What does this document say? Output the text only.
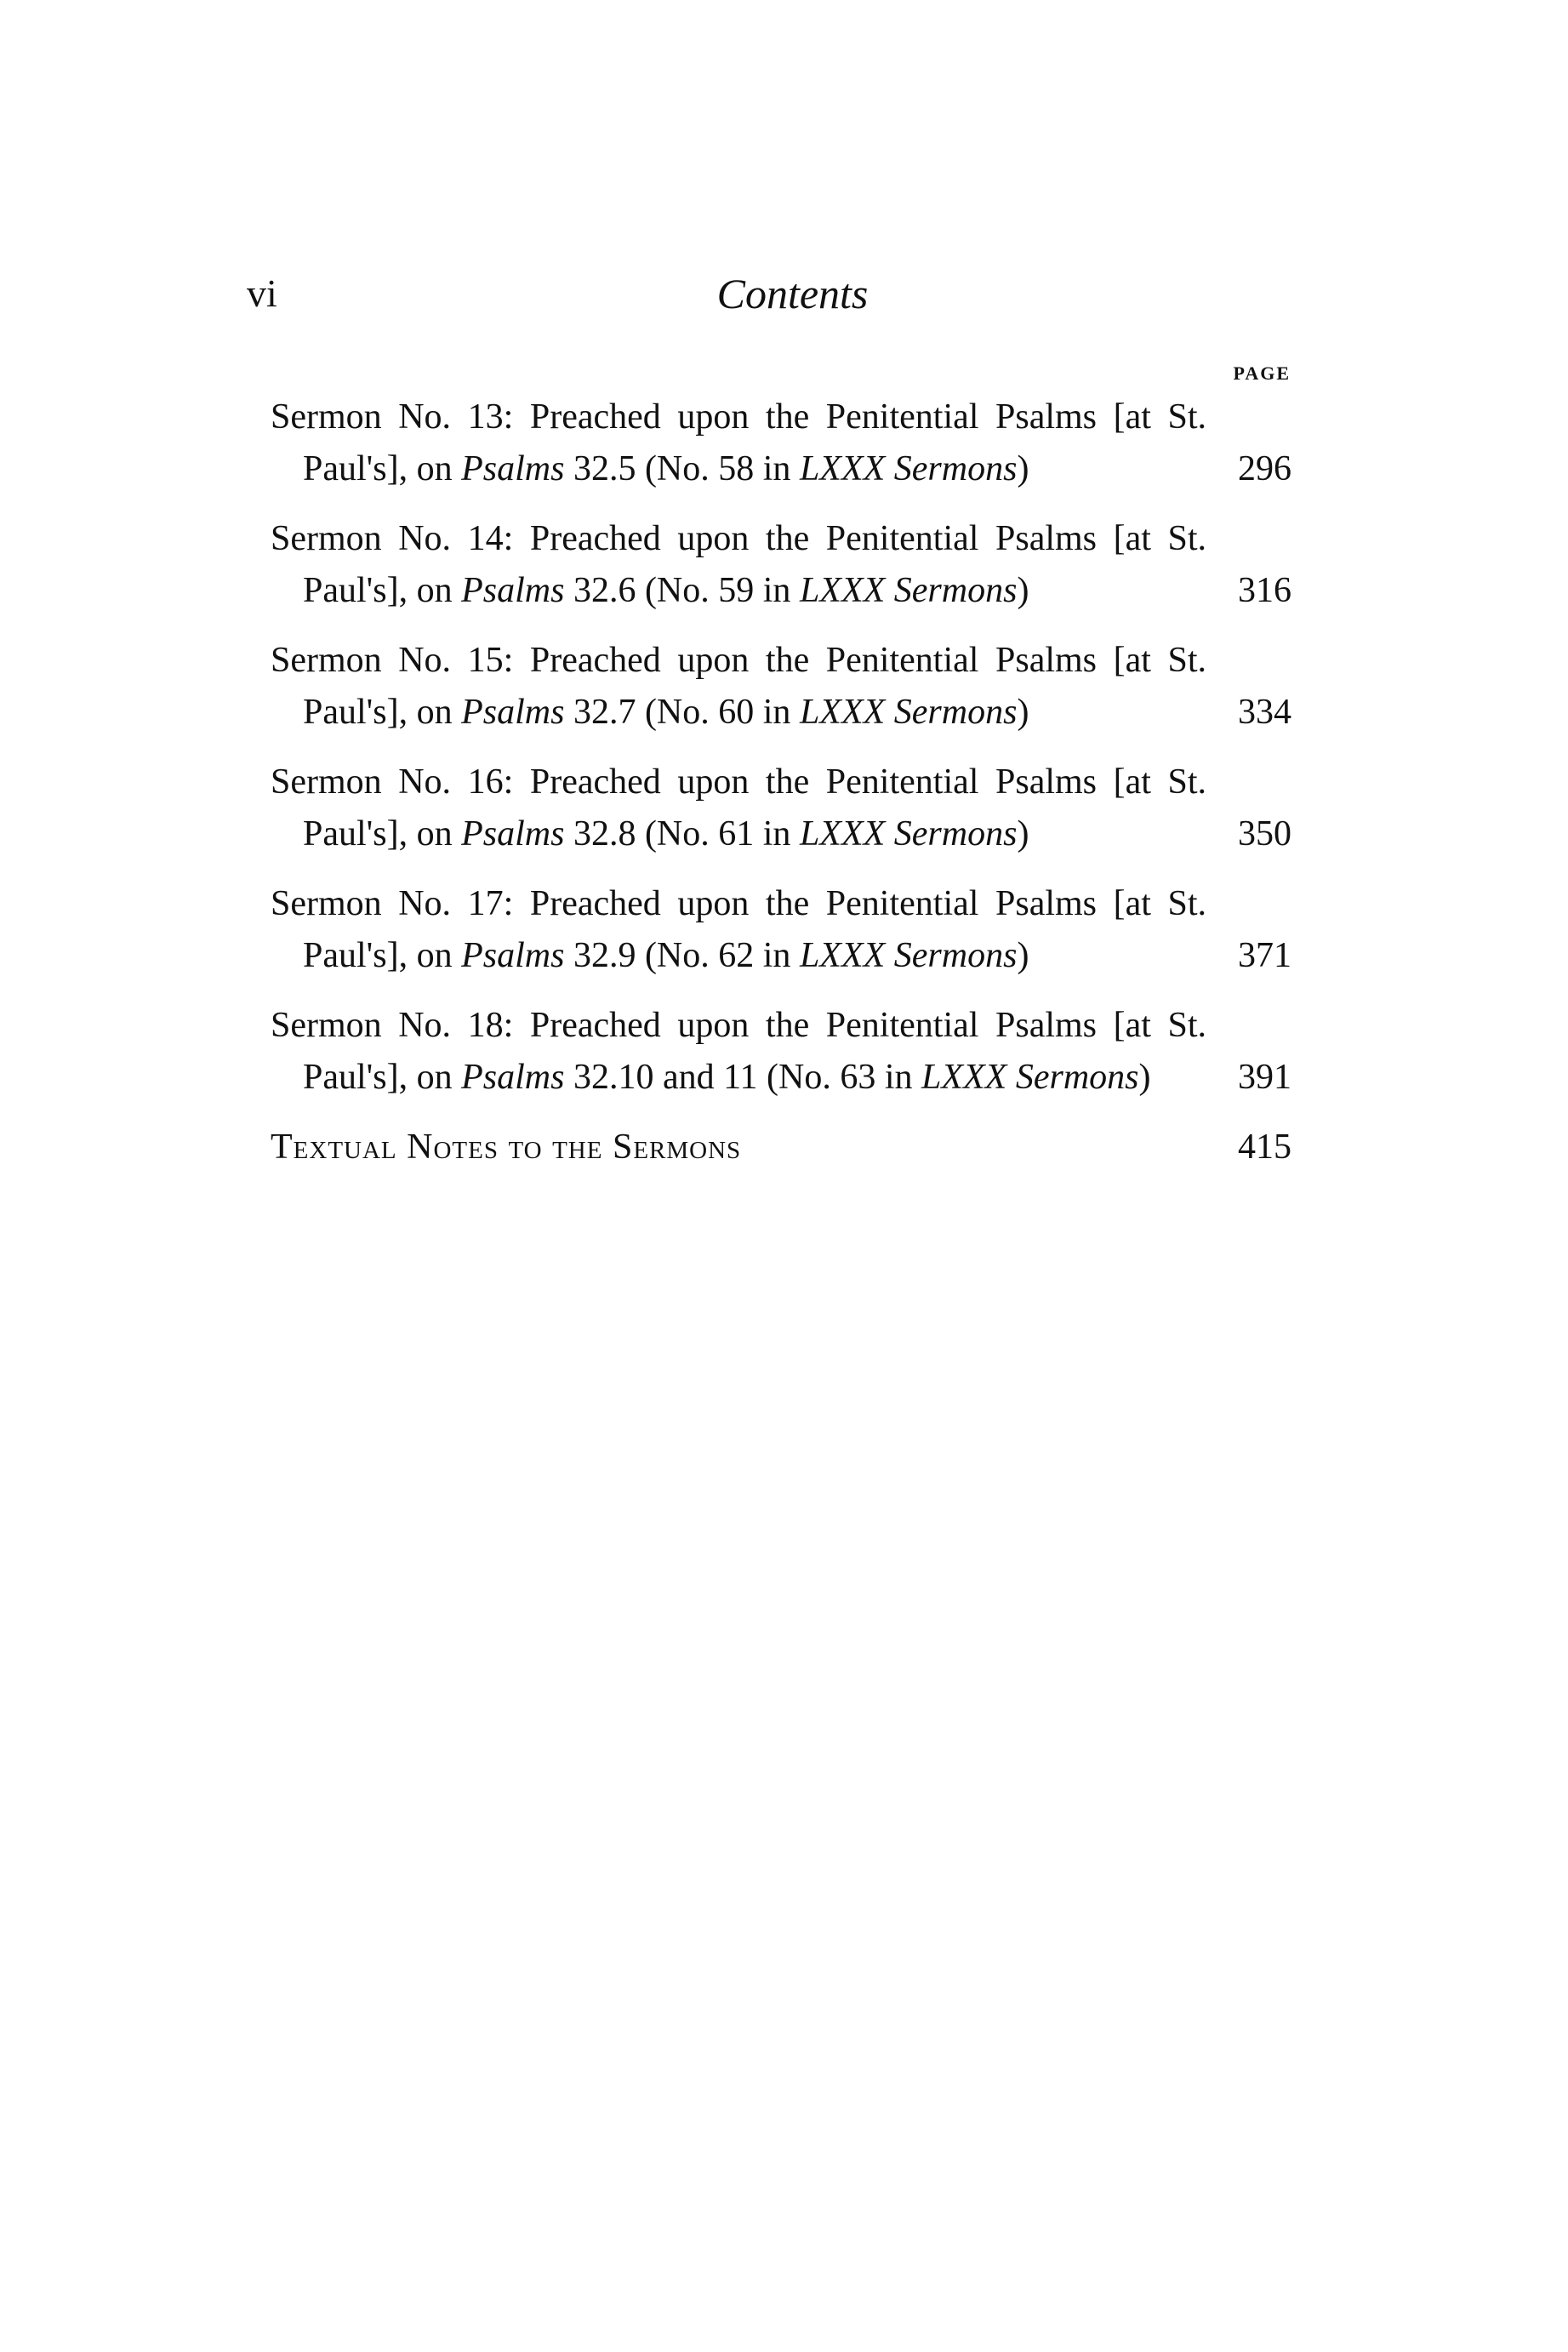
vi	Contents
PAGE
Sermon No. 13: Preached upon the Penitential Psalms [at St.
Paul's], on Psalms 32.5 (No. 58 in LXXX Sermons)	296
Sermon No. 14: Preached upon the Penitential Psalms [at St.
Paul's], on Psalms 32.6 (No. 59 in LXXX Sermons)	316
Sermon No. 15: Preached upon the Penitential Psalms [at St.
Paul's], on Psalms 32.7 (No. 60 in LXXX Sermons)	334
Sermon No. 16: Preached upon the Penitential Psalms [at St.
Paul's], on Psalms 32.8 (No. 61 in LXXX Sermons)	350
Sermon No. 17: Preached upon the Penitential Psalms [at St.
Paul's], on Psalms 32.9 (No. 62 in LXXX Sermons)	371
Sermon No. 18: Preached upon the Penitential Psalms [at St.
Paul's], on Psalms 32.10 and 11 (No. 63 in LXXX Sermons)	391
Textual Notes to the Sermons	415
